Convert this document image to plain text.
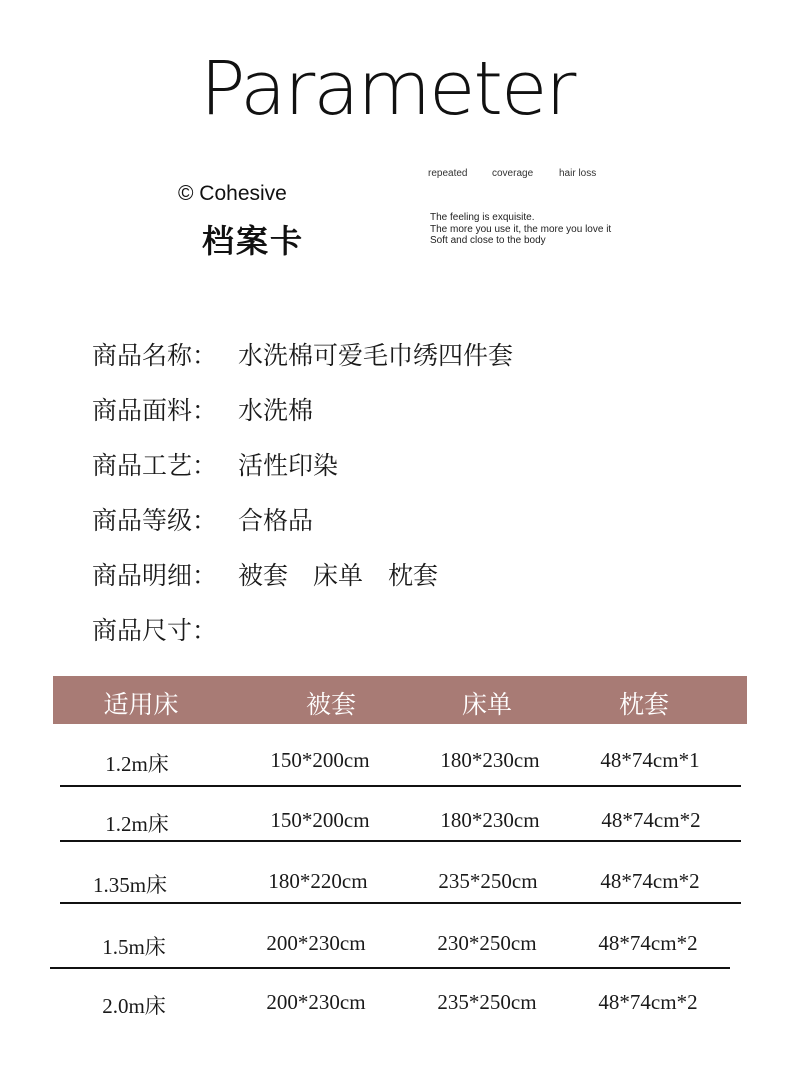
Parameter
© Cohesive
档案卡
repeated coverage	hair loss
The feeling is exquisite.
The more you use it, the more you love it
Soft and close to the body
商品名称： 水洗棉可爱毛巾绣四件套
商品面料： 水洗棉
商品工艺： 活性印染
商品等级： 合格品
商品明细： 被套　床单　枕套
商品尺寸：
适用床	被套	床单	枕套
1.2m床	150*200cm	180*230cm	48*74cm*1
1.2m床	150*200cm	180*230cm	48*74cm*2
1.35m床	180*220cm	235*250cm	48*74cm*2
1.5m床	200*230cm	230*250cm	48*74cm*2
2.0m床	200*230cm	235*250cm	48*74cm*2
